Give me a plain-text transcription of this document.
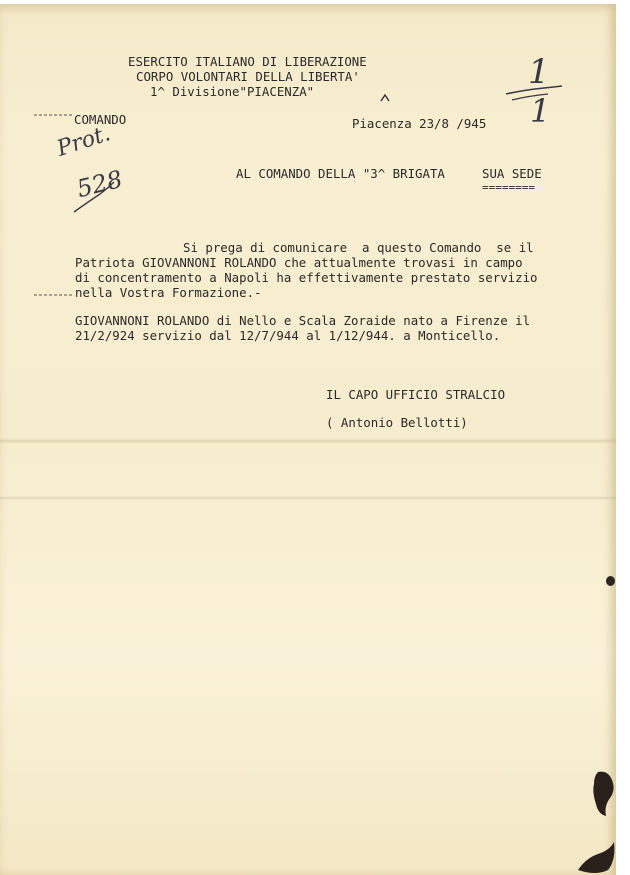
ESERCITO ITALIANO DI LIBERAZIONE

CORPO VOLONTARI DELLA LIBERTA'

1^ Divisione"PIACENZA"

COMANDO	Piacenza 23/8 /945

1
1
Prot.
528	AL COMANDO DELLA "3^ BRIGATA	SUA SEDE

========

Si prega di comunicare  a questo Comando  se il

Patriota GIOVANNONI ROLANDO che attualmente trovasi in campo

di concentramento a Napoli ha effettivamente prestato servizio

nella Vostra Formazione.-

GIOVANNONI ROLANDO di Nello e Scala Zoraide nato a Firenze il

21/2/924 servizio dal 12/7/944 al 1/12/944. a Monticello.

IL CAPO UFFICIO STRALCIO

( Antonio Bellotti)
